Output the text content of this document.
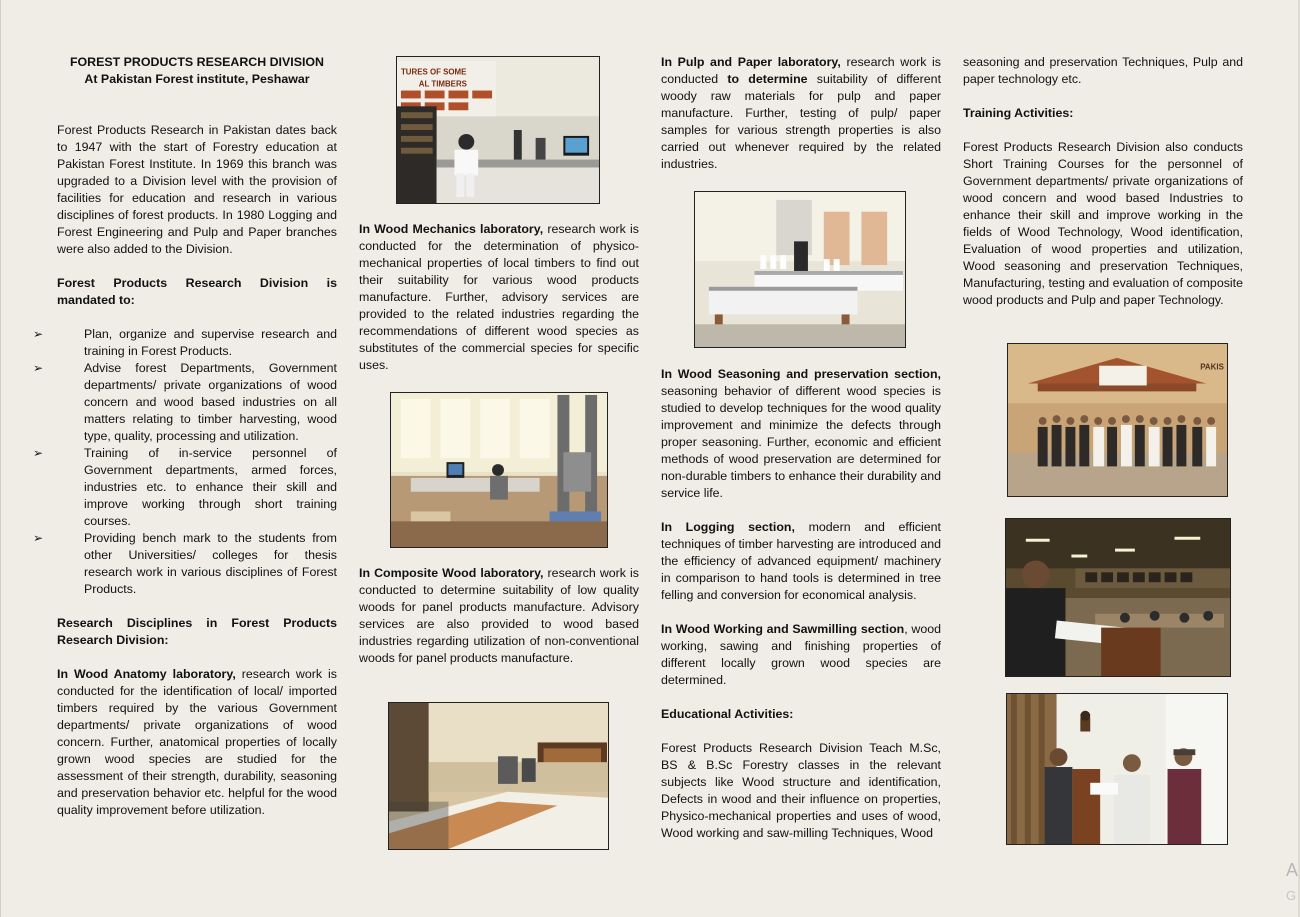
FOREST PRODUCTS RESEARCH DIVISION

At Pakistan Forest institute, Peshawar

Forest Products Research in Pakistan dates back to 1947 with the start of Forestry education at Pakistan Forest Institute. In 1969 this branch was upgraded to a Division level with the provision of facilities for education and research in various disciplines of forest products. In 1980 Logging and Forest Engineering and Pulp and Paper branches were also added to the Division.

Forest Products Research Division is mandated to:

➢	Plan, organize and supervise research and training in Forest Products.
➢	Advise forest Departments, Government departments/ private organizations of wood concern and wood based industries on all matters relating to timber harvesting, wood type, quality, processing and utilization.
➢	Training of in-service personnel of Government departments, armed forces, industries etc. to enhance their skill and improve working through short training courses.
➢	Providing bench mark to the students from other Universities/ colleges for thesis research work in various disciplines of Forest Products.

Research Disciplines in Forest Products Research Division:

In Wood Anatomy laboratory, research work is conducted for the identification of local/ imported timbers required by the various Government departments/ private organizations of wood concern. Further, anatomical properties of locally grown wood species are studied for the assessment of their strength, durability, seasoning and preservation behavior etc. helpful for the wood quality improvement before utilization.

TURES OF SOME
AL TIMBERS

In Wood Mechanics laboratory, research work is conducted for the determination of physico-mechanical properties of local timbers to find out their suitability for various wood products manufacture. Further, advisory services are provided to the related industries regarding the recommendations of different wood species as substitutes of the commercial species for specific uses.

In Composite Wood laboratory, research work is conducted to determine suitability of low quality woods for panel products manufacture. Advisory services are also provided to wood based industries regarding utilization of non-conventional woods for panel products manufacture.

In Pulp and Paper laboratory, research work is conducted to determine suitability of different woody raw materials for pulp and paper manufacture. Further, testing of pulp/ paper samples for various strength properties is also carried out whenever required by the related industries.

In Wood Seasoning and preservation section, seasoning behavior of different wood species is studied to develop techniques for the wood quality improvement and minimize the defects through proper seasoning. Further, economic and efficient methods of wood preservation are determined for non-durable timbers to enhance their durability and service life.

In Logging section, modern and efficient techniques of timber harvesting are introduced and the efficiency of advanced equipment/ machinery in comparison to hand tools is determined in tree felling and conversion for economical analysis.

In Wood Working and Sawmilling section, wood working, sawing and finishing properties of different locally grown wood species are determined.

Educational Activities:

Forest Products Research Division Teach M.Sc, BS & B.Sc Forestry classes in the relevant subjects like Wood structure and identification, Defects in wood and their influence on properties, Physico-mechanical properties and uses of wood, Wood working and saw-milling Techniques, Wood

seasoning and preservation Techniques, Pulp and paper technology etc.

Training Activities:

Forest Products Research Division also conducts Short Training Courses for the personnel of Government departments/ private organizations of wood concern and wood based Industries to enhance their skill and improve working in the fields of Wood Technology, Wood identification, Evaluation of wood properties and utilization, Wood seasoning and preservation Techniques, Manufacturing, testing and evaluation of composite wood products and Pulp and paper Technology.

PAKIS
A
G
